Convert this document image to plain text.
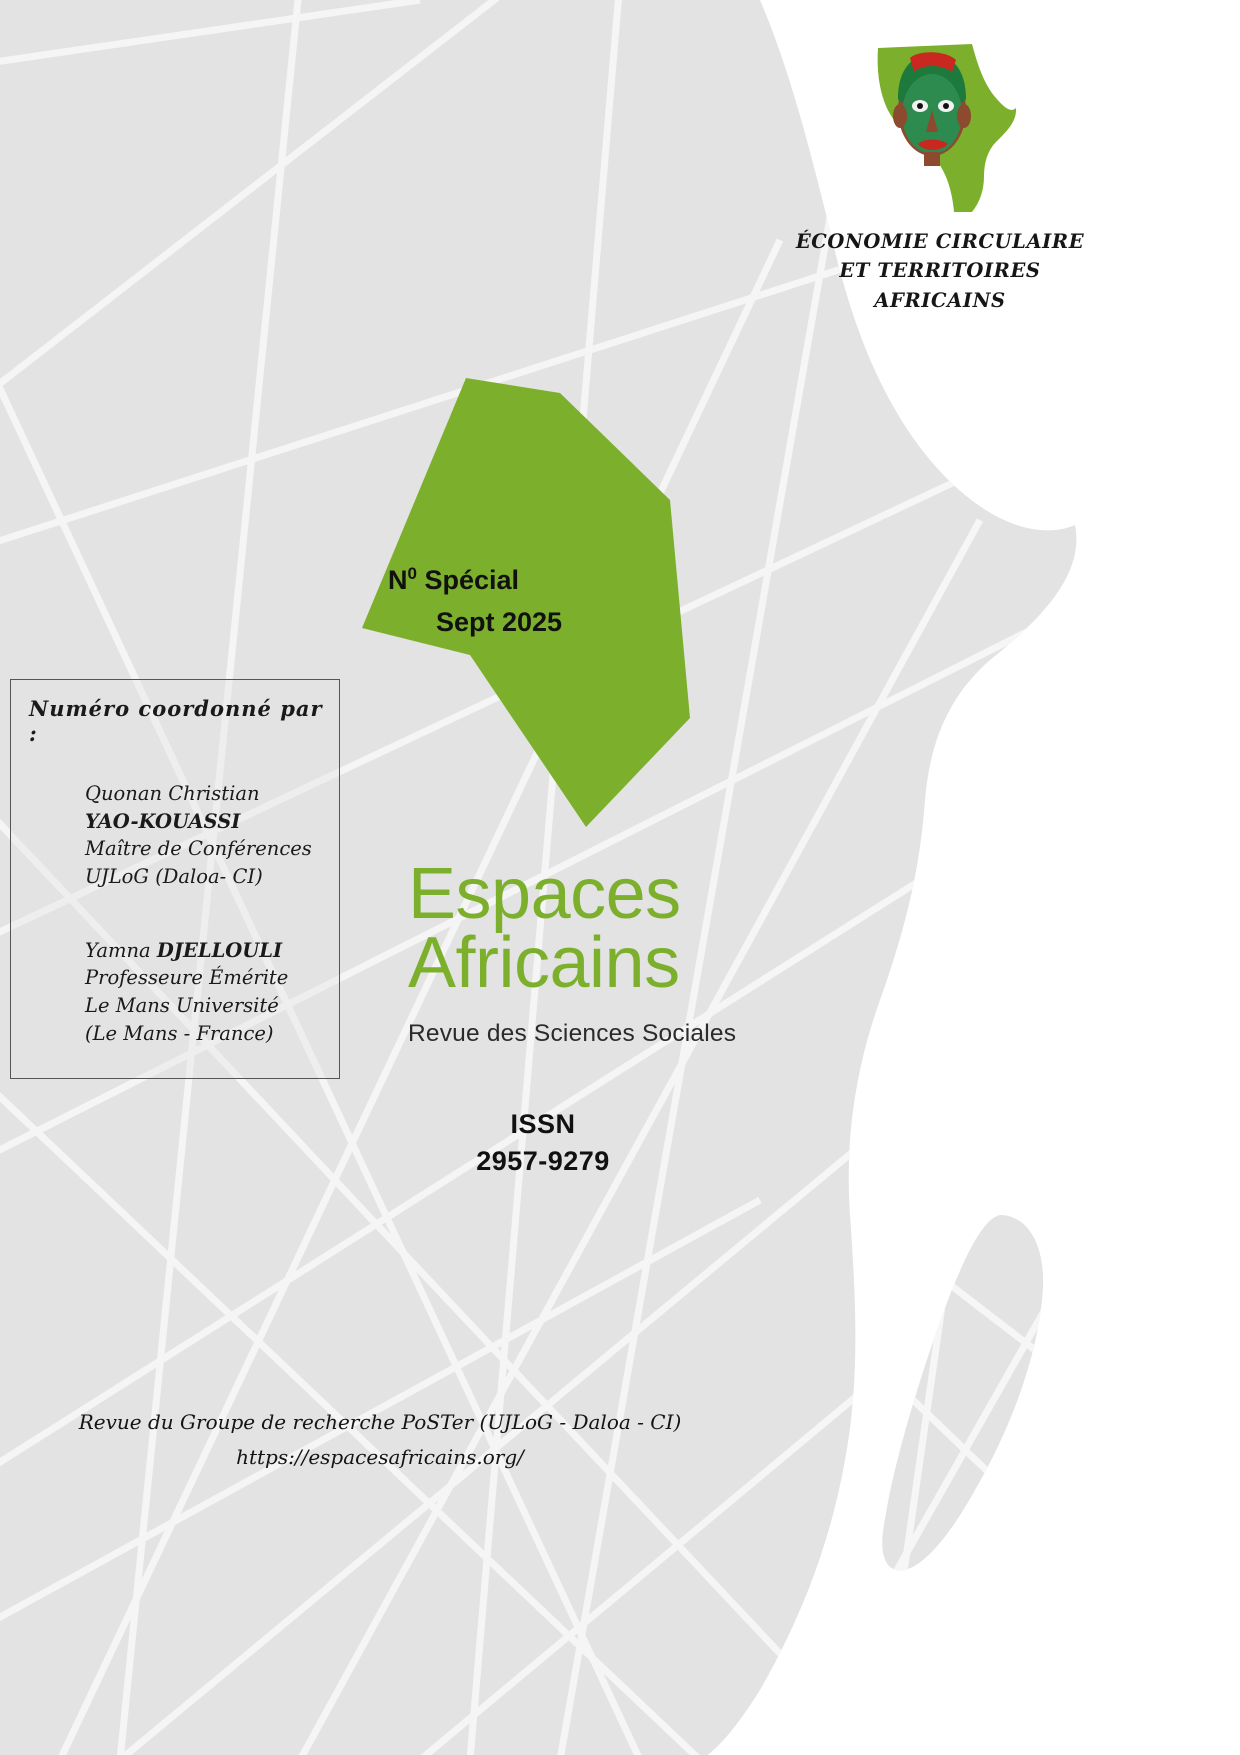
ÉCONOMIE CIRCULAIRE
ET TERRITOIRES
AFRICAINS
$N^0$ Spécial
Sept 2025
Numéro coordonné par :
Quonan Christian
YAO-KOUASSI
Maître de Conférences
UJLoG (Daloa- CI)
Yamna DJELLOULI
Professeure Émérite
Le Mans Université
(Le Mans - France)
Espaces
Africains
Revue des Sciences Sociales
ISSN
2957-9279
Revue du Groupe de recherche PoSTer (UJLoG - Daloa - CI)
https://espacesafricains.org/
